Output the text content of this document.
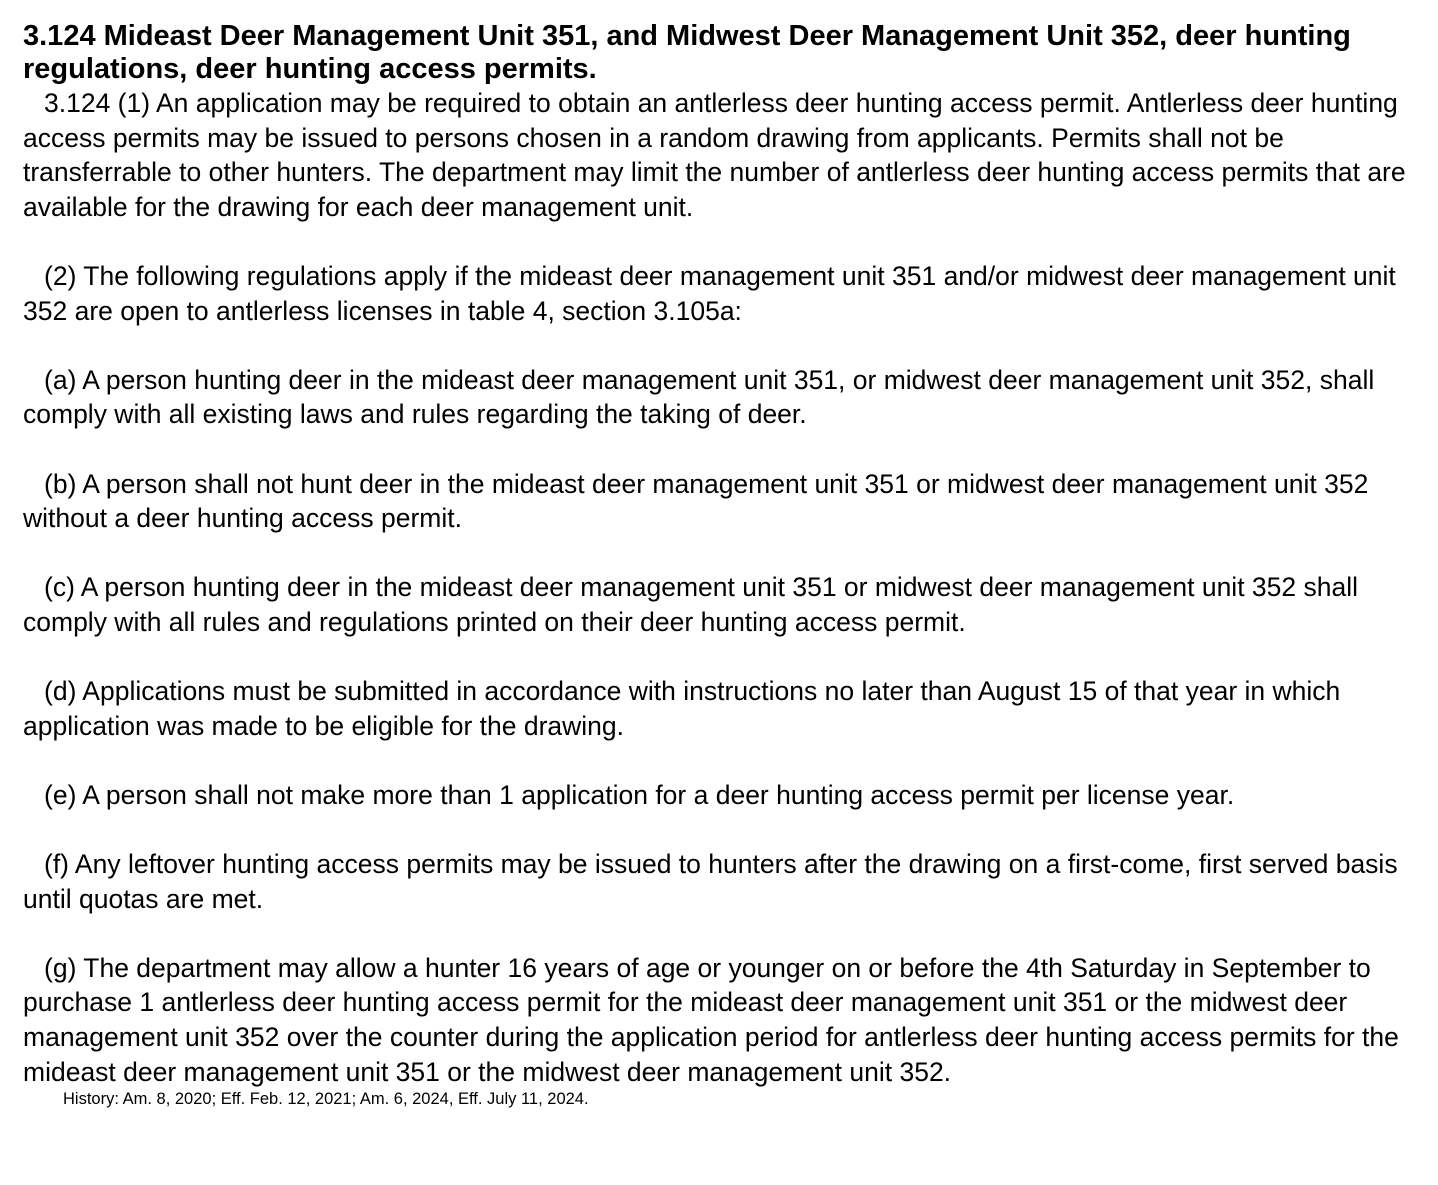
3.124 Mideast Deer Management Unit 351, and Midwest Deer Management Unit 352, deer hunting regulations, deer hunting access permits.

3.124 (1) An application may be required to obtain an antlerless deer hunting access permit. Antlerless deer hunting access permits may be issued to persons chosen in a random drawing from applicants. Permits shall not be transferrable to other hunters. The department may limit the number of antlerless deer hunting access permits that are available for the drawing for each deer management unit.

(2) The following regulations apply if the mideast deer management unit 351 and/or midwest deer management unit 352 are open to antlerless licenses in table 4, section 3.105a:

(a) A person hunting deer in the mideast deer management unit 351, or midwest deer management unit 352, shall comply with all existing laws and rules regarding the taking of deer.

(b) A person shall not hunt deer in the mideast deer management unit 351 or midwest deer management unit 352 without a deer hunting access permit.

(c) A person hunting deer in the mideast deer management unit 351 or midwest deer management unit 352 shall comply with all rules and regulations printed on their deer hunting access permit.

(d) Applications must be submitted in accordance with instructions no later than August 15 of that year in which application was made to be eligible for the drawing.

(e) A person shall not make more than 1 application for a deer hunting access permit per license year.

(f) Any leftover hunting access permits may be issued to hunters after the drawing on a first-come, first served basis until quotas are met.

(g) The department may allow a hunter 16 years of age or younger on or before the 4th Saturday in September to purchase 1 antlerless deer hunting access permit for the mideast deer management unit 351 or the midwest deer management unit 352 over the counter during the application period for antlerless deer hunting access permits for the mideast deer management unit 351 or the midwest deer management unit 352.

History: Am. 8, 2020; Eff. Feb. 12, 2021; Am. 6, 2024, Eff. July 11, 2024.
